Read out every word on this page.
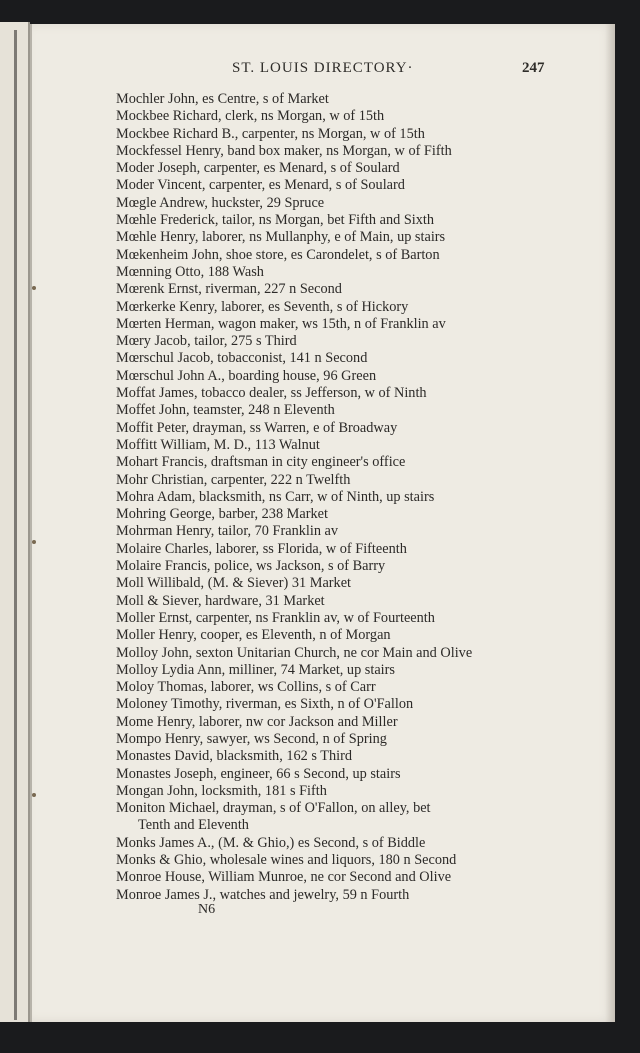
ST. LOUIS DIRECTORY·	247
Mochler John, es Centre, s of Market
Mockbee Richard, clerk, ns Morgan, w of 15th
Mockbee Richard B., carpenter, ns Morgan, w of 15th
Mockfessel Henry, band box maker, ns Morgan, w of Fifth
Moder Joseph, carpenter, es Menard, s of Soulard
Moder Vincent, carpenter, es Menard, s of Soulard
Mœgle Andrew, huckster, 29 Spruce
Mœhle Frederick, tailor, ns Morgan, bet Fifth and Sixth
Mœhle Henry, laborer, ns Mullanphy, e of Main, up stairs
Mœkenheim John, shoe store, es Carondelet, s of Barton
Mœnning Otto, 188 Wash
Mœrenk Ernst, riverman, 227 n Second
Mœrkerke Kenry, laborer, es Seventh, s of Hickory
Mœrten Herman, wagon maker, ws 15th, n of Franklin av
Mœry Jacob, tailor, 275 s Third
Mœrschul Jacob, tobacconist, 141 n Second
Mœrschul John A., boarding house, 96 Green
Moffat James, tobacco dealer, ss Jefferson, w of Ninth
Moffet John, teamster, 248 n Eleventh
Moffit Peter, drayman, ss Warren, e of Broadway
Moffitt William, M. D., 113 Walnut
Mohart Francis, draftsman in city engineer's office
Mohr Christian, carpenter, 222 n Twelfth
Mohra Adam, blacksmith, ns Carr, w of Ninth, up stairs
Mohring George, barber, 238 Market
Mohrman Henry, tailor, 70 Franklin av
Molaire Charles, laborer, ss Florida, w of Fifteenth
Molaire Francis, police, ws Jackson, s of Barry
Moll Willibald, (M. & Siever) 31 Market
Moll & Siever, hardware, 31 Market
Moller Ernst, carpenter, ns Franklin av, w of Fourteenth
Moller Henry, cooper, es Eleventh, n of Morgan
Molloy John, sexton Unitarian Church, ne cor Main and Olive
Molloy Lydia Ann, milliner, 74 Market, up stairs
Moloy Thomas, laborer, ws Collins, s of Carr
Moloney Timothy, riverman, es Sixth, n of O'Fallon
Mome Henry, laborer, nw cor Jackson and Miller
Mompo Henry, sawyer, ws Second, n of Spring
Monastes David, blacksmith, 162 s Third
Monastes Joseph, engineer, 66 s Second, up stairs
Mongan John, locksmith, 181 s Fifth
Moniton Michael, drayman, s of O'Fallon, on alley, bet
Tenth and Eleventh
Monks James A., (M. & Ghio,) es Second, s of Biddle
Monks & Ghio, wholesale wines and liquors, 180 n Second
Monroe House, William Munroe, ne cor Second and Olive
Monroe James J., watches and jewelry, 59 n Fourth
N6
